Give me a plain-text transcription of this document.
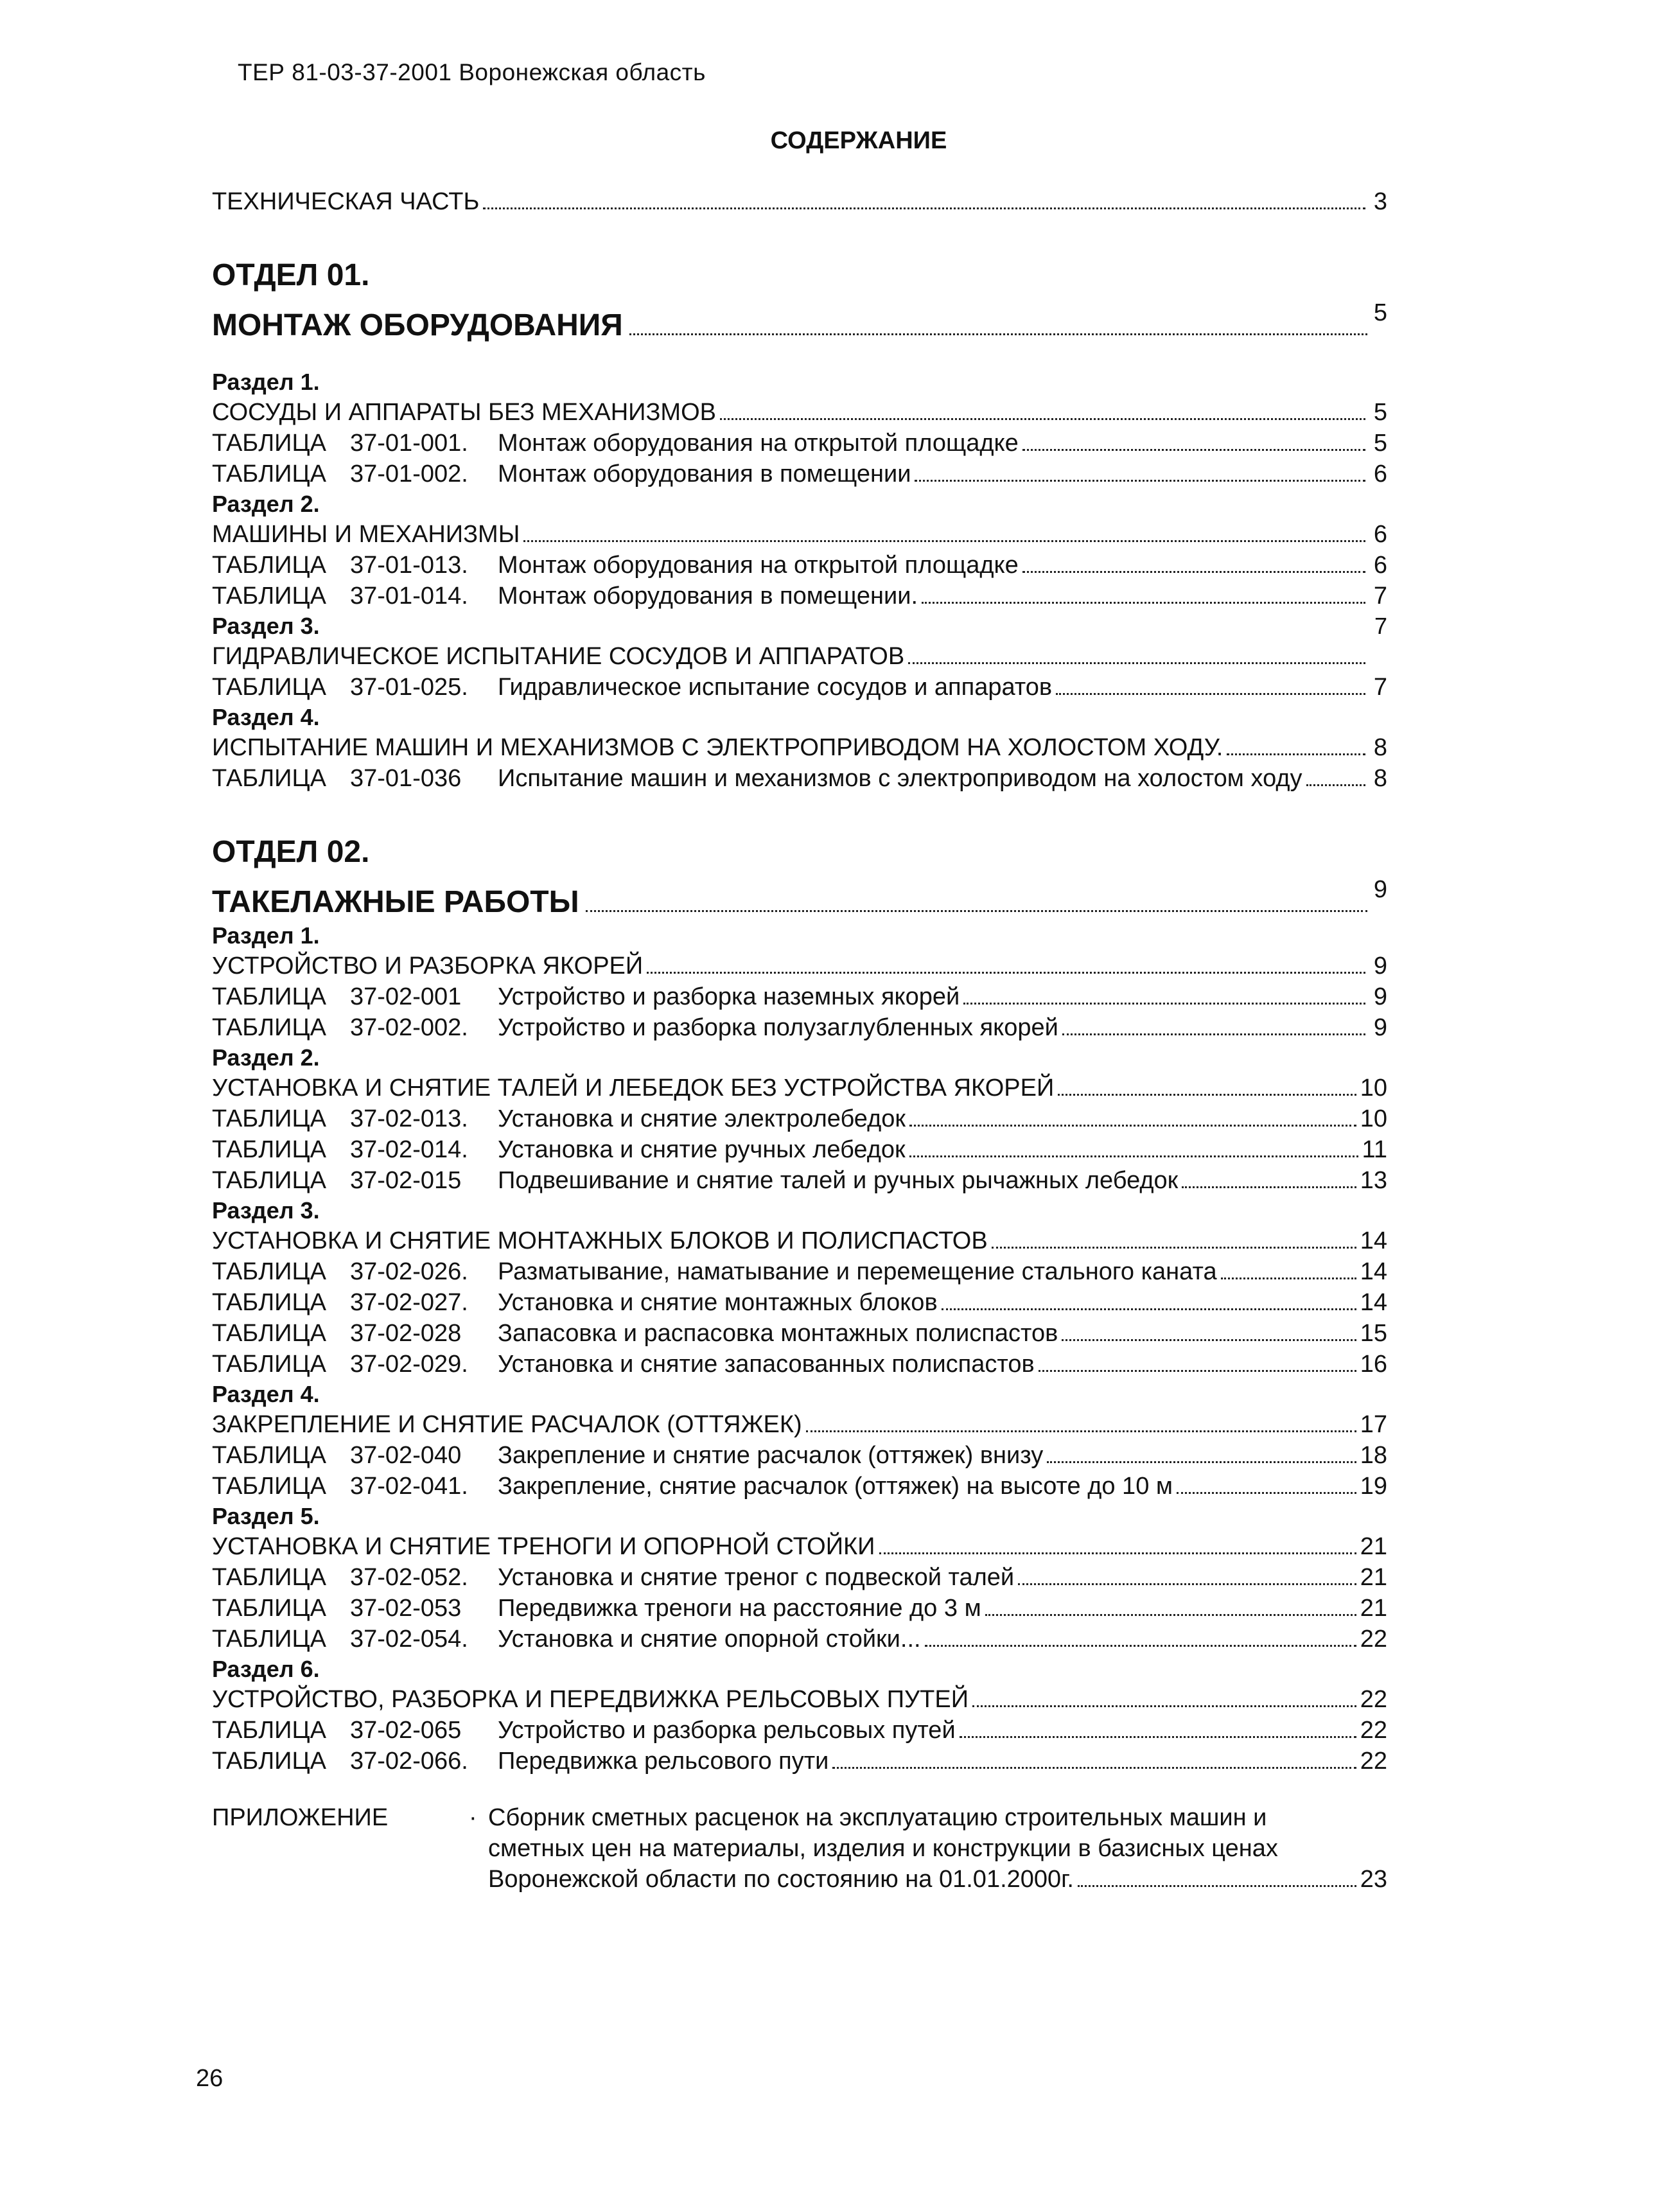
ТЕР 81-03-37-2001 Воронежская область
СОДЕРЖАНИЕ
ТЕХНИЧЕСКАЯ ЧАСТЬ	3
ОТДЕЛ 01.
МОНТАЖ ОБОРУДОВАНИЯ	5
Раздел 1.
СОСУДЫ И АППАРАТЫ БЕЗ МЕХАНИЗМОВ	5
ТАБЛИЦА 37-01-001.	Монтаж оборудования на открытой площадке	5
ТАБЛИЦА 37-01-002.	Монтаж оборудования в помещении	6
Раздел 2.
МАШИНЫ И МЕХАНИЗМЫ	6
ТАБЛИЦА 37-01-013.	Монтаж оборудования на открытой площадке	6
ТАБЛИЦА 37-01-014.	Монтаж оборудования в помещении.	7
Раздел 3.	7
ГИДРАВЛИЧЕСКОЕ ИСПЫТАНИЕ СОСУДОВ И АППАРАТОВ
ТАБЛИЦА 37-01-025.	Гидравлическое испытание сосудов и аппаратов	7
Раздел 4.
ИСПЫТАНИЕ МАШИН И МЕХАНИЗМОВ С ЭЛЕКТРОПРИВОДОМ НА ХОЛОСТОМ ХОДУ.	8
ТАБЛИЦА 37-01-036	Испытание машин и механизмов с электроприводом на холостом ходу	8
ОТДЕЛ 02.
ТАКЕЛАЖНЫЕ РАБОТЫ	9
Раздел 1.
УСТРОЙСТВО И РАЗБОРКА ЯКОРЕЙ	9
ТАБЛИЦА 37-02-001	Устройство и разборка наземных якорей	9
ТАБЛИЦА 37-02-002.	Устройство и разборка полузаглубленных якорей	9
Раздел 2.
УСТАНОВКА И СНЯТИЕ ТАЛЕЙ И ЛЕБЕДОК БЕЗ УСТРОЙСТВА ЯКОРЕЙ	10
ТАБЛИЦА 37-02-013.	Установка и снятие электролебедок	10
ТАБЛИЦА 37-02-014.	Установка и снятие ручных лебедок	11
ТАБЛИЦА 37-02-015	Подвешивание и снятие талей и ручных рычажных лебедок	13
Раздел 3.
УСТАНОВКА И СНЯТИЕ МОНТАЖНЫХ БЛОКОВ И ПОЛИСПАСТОВ	14
ТАБЛИЦА 37-02-026.	Разматывание, наматывание и перемещение стального каната	14
ТАБЛИЦА 37-02-027.	Установка и снятие монтажных блоков	14
ТАБЛИЦА 37-02-028	Запасовка и распасовка монтажных полиспастов	15
ТАБЛИЦА 37-02-029.	Установка и снятие запасованных полиспастов	16
Раздел 4.
ЗАКРЕПЛЕНИЕ И СНЯТИЕ РАСЧАЛОК (ОТТЯЖЕК)	17
ТАБЛИЦА 37-02-040	Закрепление и снятие расчалок (оттяжек) внизу	18
ТАБЛИЦА 37-02-041.	Закрепление, снятие расчалок (оттяжек) на высоте до 10 м	19
Раздел 5.
УСТАНОВКА И СНЯТИЕ ТРЕНОГИ И ОПОРНОЙ СТОЙКИ	21
ТАБЛИЦА 37-02-052.	Установка и снятие треног с подвеской талей	21
ТАБЛИЦА 37-02-053	Передвижка треноги на расстояние до 3 м	21
ТАБЛИЦА 37-02-054.	Установка и снятие опорной стойки...	22
Раздел 6.
УСТРОЙСТВО, РАЗБОРКА И ПЕРЕДВИЖКА РЕЛЬСОВЫХ ПУТЕЙ	22
ТАБЛИЦА 37-02-065	Устройство и разборка рельсовых путей	22
ТАБЛИЦА 37-02-066.	Передвижка рельсового пути	22
ПРИЛОЖЕНИЕ	· Сборник сметных расценок на эксплуатацию строительных машин и
сметных цен на материалы, изделия и конструкции в базисных ценах
Воронежской области по состоянию на 01.01.2000г.	23
26
